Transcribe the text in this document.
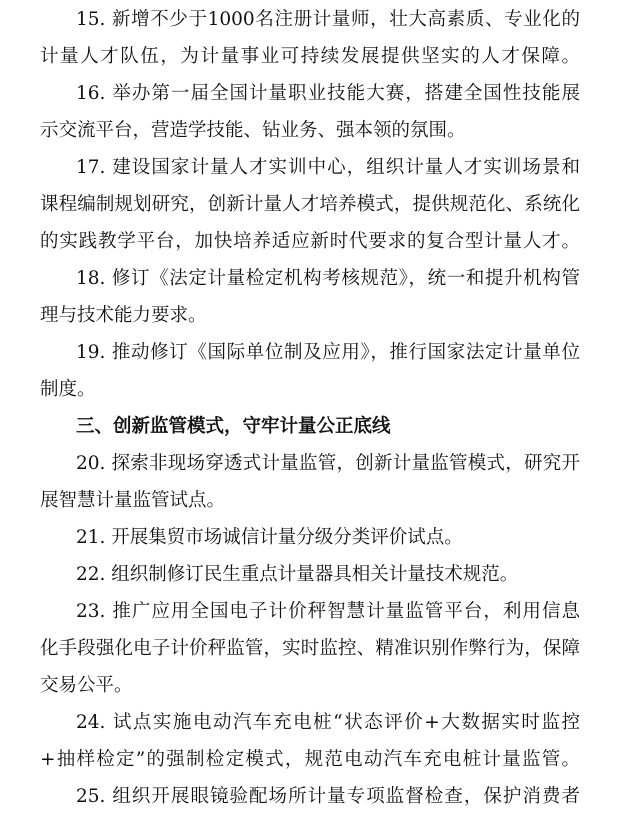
15. 新增不少于1000名注册计量师，壮大高素质、专业化的
计量人才队伍，为计量事业可持续发展提供坚实的人才保障。
16. 举办第一届全国计量职业技能大赛，搭建全国性技能展
示交流平台，营造学技能、钻业务、强本领的氛围。
17. 建设国家计量人才实训中心，组织计量人才实训场景和
课程编制规划研究，创新计量人才培养模式，提供规范化、系统化
的实践教学平台，加快培养适应新时代要求的复合型计量人才。
18. 修订《法定计量检定机构考核规范》，统一和提升机构管
理与技术能力要求。
19. 推动修订《国际单位制及应用》，推行国家法定计量单位
制度。
三、创新监管模式，守牢计量公正底线
20. 探索非现场穿透式计量监管，创新计量监管模式，研究开
展智慧计量监管试点。
21. 开展集贸市场诚信计量分级分类评价试点。
22. 组织制修订民生重点计量器具相关计量技术规范。
23. 推广应用全国电子计价秤智慧计量监管平台，利用信息
化手段强化电子计价秤监管，实时监控、精准识别作弊行为，保障
交易公平。
24. 试点实施电动汽车充电桩“状态评价+大数据实时监控
+抽样检定”的强制检定模式，规范电动汽车充电桩计量监管。
25. 组织开展眼镜验配场所计量专项监督检查，保护消费者
